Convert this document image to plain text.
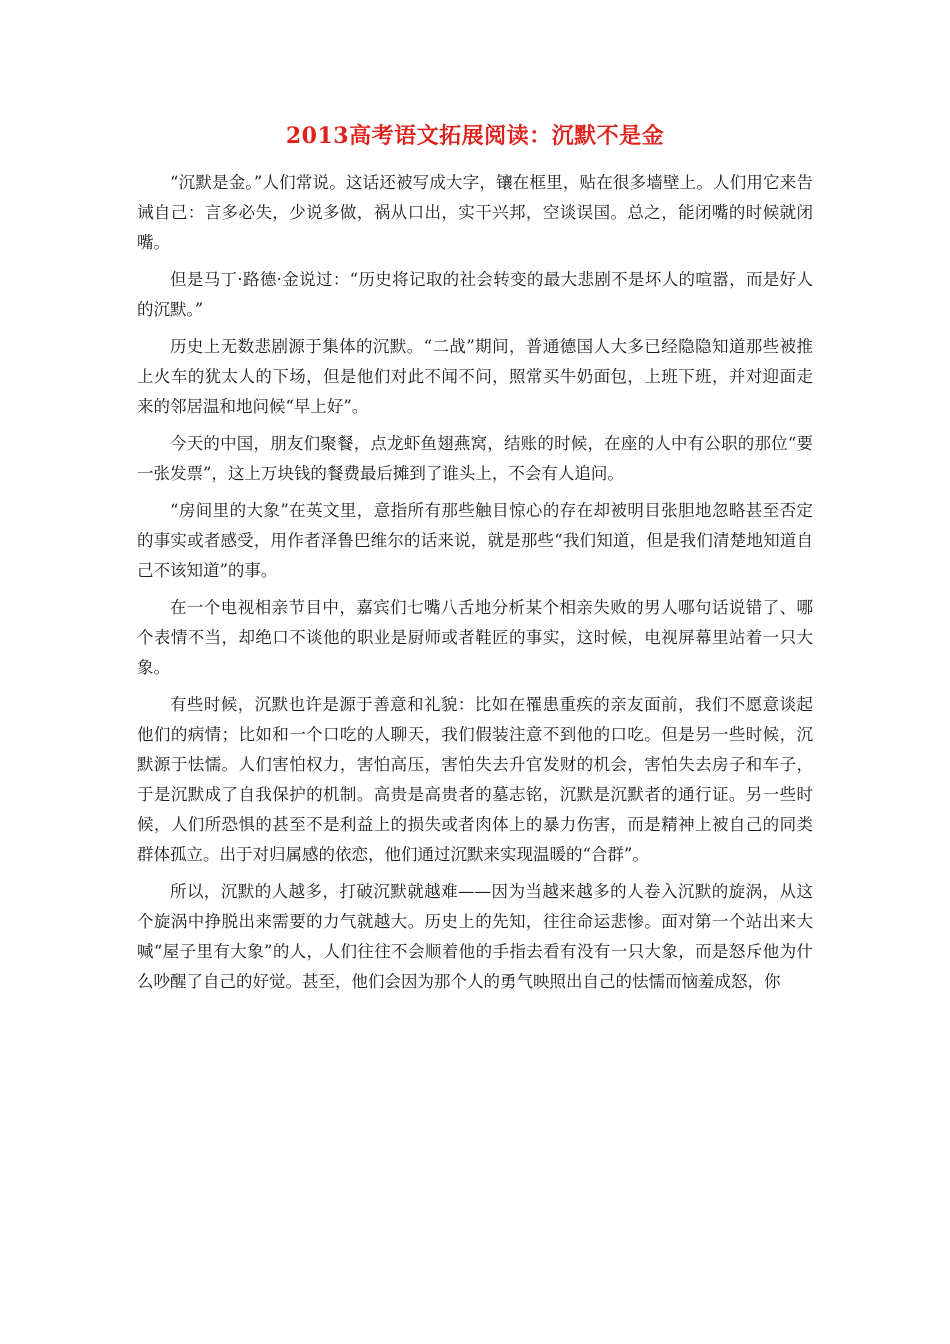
2013高考语文拓展阅读：沉默不是金

“沉默是金。”人们常说。这话还被写成大字，镶在框里，贴在很多墙壁上。人们用它来告诫自己：言多必失，少说多做，祸从口出，实干兴邦，空谈误国。总之，能闭嘴的时候就闭嘴。

但是马丁·路德·金说过：“历史将记取的社会转变的最大悲剧不是坏人的喧嚣，而是好人的沉默。”

历史上无数悲剧源于集体的沉默。“二战”期间，普通德国人大多已经隐隐知道那些被推上火车的犹太人的下场，但是他们对此不闻不问，照常买牛奶面包，上班下班，并对迎面走来的邻居温和地问候“早上好”。

今天的中国，朋友们聚餐，点龙虾鱼翅燕窝，结账的时候，在座的人中有公职的那位“要一张发票”，这上万块钱的餐费最后摊到了谁头上，不会有人追问。

“房间里的大象”在英文里，意指所有那些触目惊心的存在却被明目张胆地忽略甚至否定的事实或者感受，用作者泽鲁巴维尔的话来说，就是那些“我们知道，但是我们清楚地知道自己不该知道”的事。

在一个电视相亲节目中，嘉宾们七嘴八舌地分析某个相亲失败的男人哪句话说错了、哪个表情不当，却绝口不谈他的职业是厨师或者鞋匠的事实，这时候，电视屏幕里站着一只大象。

有些时候，沉默也许是源于善意和礼貌：比如在罹患重疾的亲友面前，我们不愿意谈起他们的病情；比如和一个口吃的人聊天，我们假装注意不到他的口吃。但是另一些时候，沉默源于怯懦。人们害怕权力，害怕高压，害怕失去升官发财的机会，害怕失去房子和车子，于是沉默成了自我保护的机制。高贵是高贵者的墓志铭，沉默是沉默者的通行证。另一些时候，人们所恐惧的甚至不是利益上的损失或者肉体上的暴力伤害，而是精神上被自己的同类群体孤立。出于对归属感的依恋，他们通过沉默来实现温暖的“合群”。

所以，沉默的人越多，打破沉默就越难——因为当越来越多的人卷入沉默的旋涡，从这个旋涡中挣脱出来需要的力气就越大。历史上的先知，往往命运悲惨。面对第一个站出来大喊“屋子里有大象”的人，人们往往不会顺着他的手指去看有没有一只大象，而是怒斥他为什么吵醒了自己的好觉。甚至，他们会因为那个人的勇气映照出自己的怯懦而恼羞成怒，你
